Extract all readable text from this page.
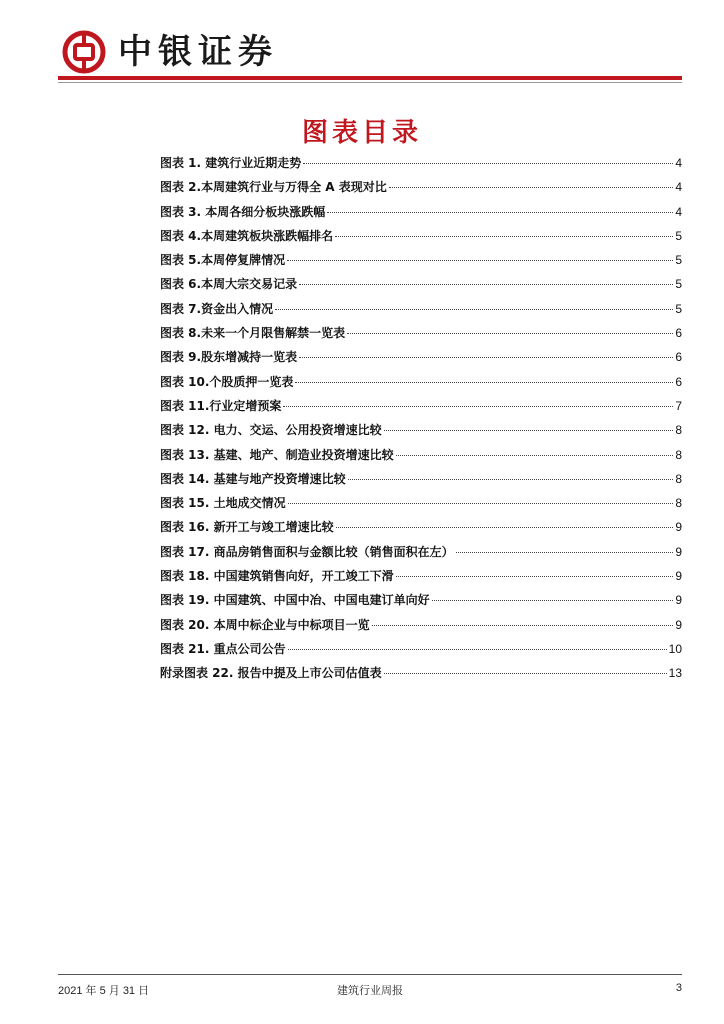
中银证券
图表目录
图表 1. 建筑行业近期走势	4
图表 2.本周建筑行业与万得全 A 表现对比	4
图表 3. 本周各细分板块涨跌幅	4
图表 4.本周建筑板块涨跌幅排名	5
图表 5.本周停复牌情况	5
图表 6.本周大宗交易记录	5
图表 7.资金出入情况	5
图表 8.未来一个月限售解禁一览表	6
图表 9.股东增减持一览表	6
图表 10.个股质押一览表	6
图表 11.行业定增预案	7
图表 12. 电力、交运、公用投资增速比较	8
图表 13. 基建、地产、制造业投资增速比较	8
图表 14. 基建与地产投资增速比较	8
图表 15. 土地成交情况	8
图表 16. 新开工与竣工增速比较	9
图表 17. 商品房销售面积与金额比较（销售面积在左）	9
图表 18. 中国建筑销售向好，开工竣工下滑	9
图表 19. 中国建筑、中国中冶、中国电建订单向好	9
图表 20. 本周中标企业与中标项目一览	9
图表 21. 重点公司公告	10
附录图表 22. 报告中提及上市公司估值表	13
2021 年 5 月 31 日	建筑行业周报	3
